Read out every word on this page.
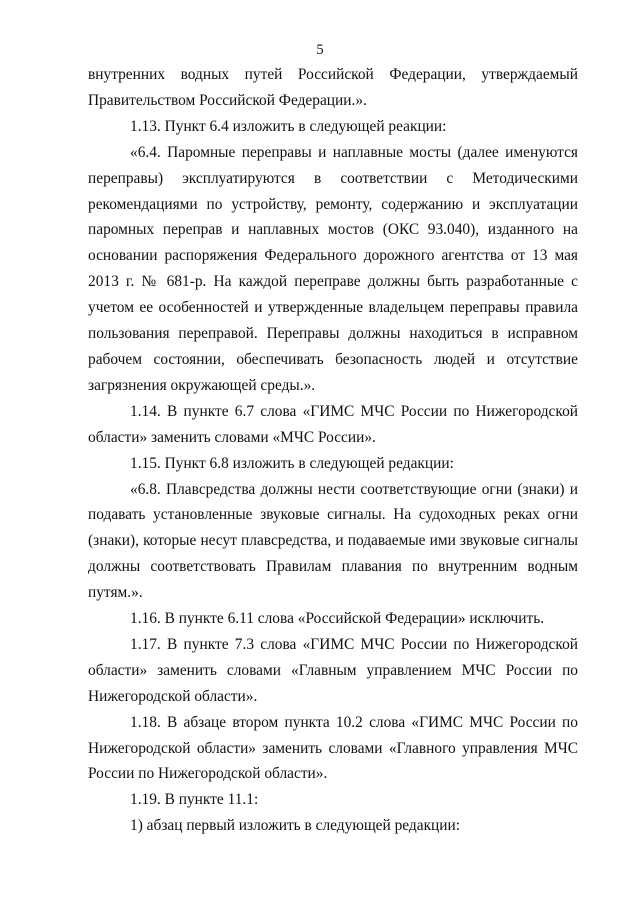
5

внутренних водных путей Российской Федерации, утверждаемый Правительством Российской Федерации.».

1.13. Пункт 6.4 изложить в следующей реакции:

«6.4. Паромные переправы и наплавные мосты (далее именуются переправы) эксплуатируются в соответствии с Методическими рекомендациями по устройству, ремонту, содержанию и эксплуатации паромных переправ и наплавных мостов (ОКС 93.040), изданного на основании распоряжения Федерального дорожного агентства от 13 мая 2013 г. № 681-р. На каждой переправе должны быть разработанные с учетом ее особенностей и утвержденные владельцем переправы правила пользования переправой. Переправы должны находиться в исправном рабочем состоянии, обеспечивать безопасность людей и отсутствие загрязнения окружающей среды.».

1.14. В пункте 6.7 слова «ГИМС МЧС России по Нижегородской области» заменить словами «МЧС России».

1.15. Пункт 6.8 изложить в следующей редакции:

«6.8. Плавсредства должны нести соответствующие огни (знаки) и подавать установленные звуковые сигналы. На судоходных реках огни (знаки), которые несут плавсредства, и подаваемые ими звуковые сигналы должны соответствовать Правилам плавания по внутренним водным путям.».

1.16. В пункте 6.11 слова «Российской Федерации» исключить.

1.17. В пункте 7.3 слова «ГИМС МЧС России по Нижегородской области» заменить словами «Главным управлением МЧС России по Нижегородской области».

1.18. В абзаце втором пункта 10.2 слова «ГИМС МЧС России по Нижегородской области» заменить словами «Главного управления МЧС России по Нижегородской области».

1.19. В пункте 11.1:

1) абзац первый изложить в следующей редакции:
